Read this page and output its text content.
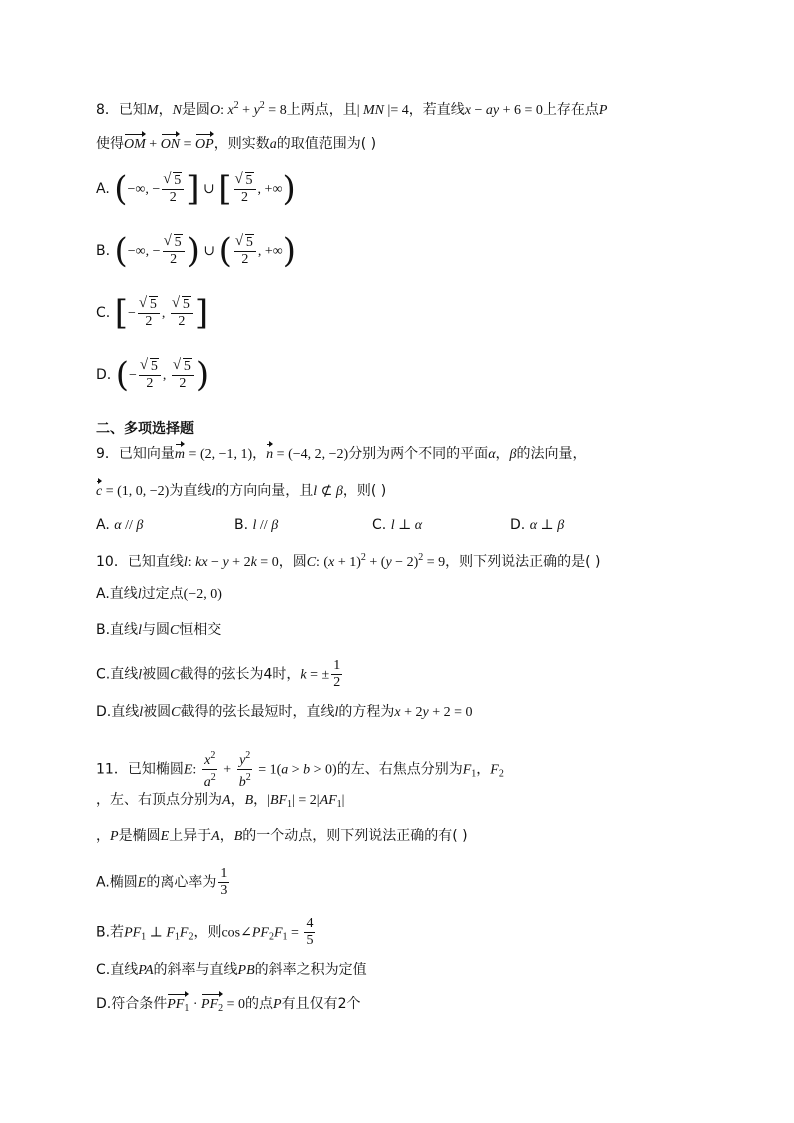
8．已知M，N是圆O: $x^2 + y^2 = 8$上两点，且| MN |= 4，若直线x − ay + 6 = 0上存在点P
使得OM + ON = OP，则实数a的取值范围为( )
A. (−∞, − √ $\frac{5}{2}$ ] ∪ [ √ $\frac{5}{2}$ , +∞)
B. (−∞, − √ $\frac{5}{2}$ ) ∪ ( √ $\frac{5}{2}$ , +∞)
C. [− √ $\frac{5}{2}$ , √ $\frac{5}{2}$ ]
D. (− √ $\frac{5}{2}$ , √ $\frac{5}{2}$ )
二、多项选择题
9．已知向量m = (2, −1, 1)，n = (−4, 2, −2)分别为两个不同的平面α，β的法向量，
c = (1, 0, −2)为直线l的方向向量，且l ⊄ β，则( )
A. α // β	B. l // β	C. l ⊥ α	D. α ⊥ β
10．已知直线l: kx − y + 2k = 0，圆C: $(x + 1)^2 + (y - 2)^2 = 9$，则下列说法正确的是( )
A.直线l过定点(−2, 0)
B.直线l与圆C恒相交
C.直线l被圆C截得的弦长为4时，k = ± $\frac{1}{2}$
D.直线l被圆C截得的弦长最短时，直线l的方程为x + 2y + 2 = 0
11．已知椭圆E: $\frac{x^2}{a^2} + \frac{y^2}{b^2} = 1(a > b > 0)$的左、右焦点分别为$F_1$，$F_2$
，左、右顶点分别为A，B，$|BF_1| = 2|AF_1|$
，P是椭圆E上异于A，B的一个动点，则下列说法正确的有( )
A.椭圆E的离心率为 $\frac{1}{3}$
B.若$PF_1$ ⊥ $F_1F_2$，则$\cos\angle PF_2F_1 = \frac{4}{5}$
C.直线PA的斜率与直线PB的斜率之积为定值
D.符合条件$PF_1 \cdot PF_2 = 0$的点P有且仅有2个
